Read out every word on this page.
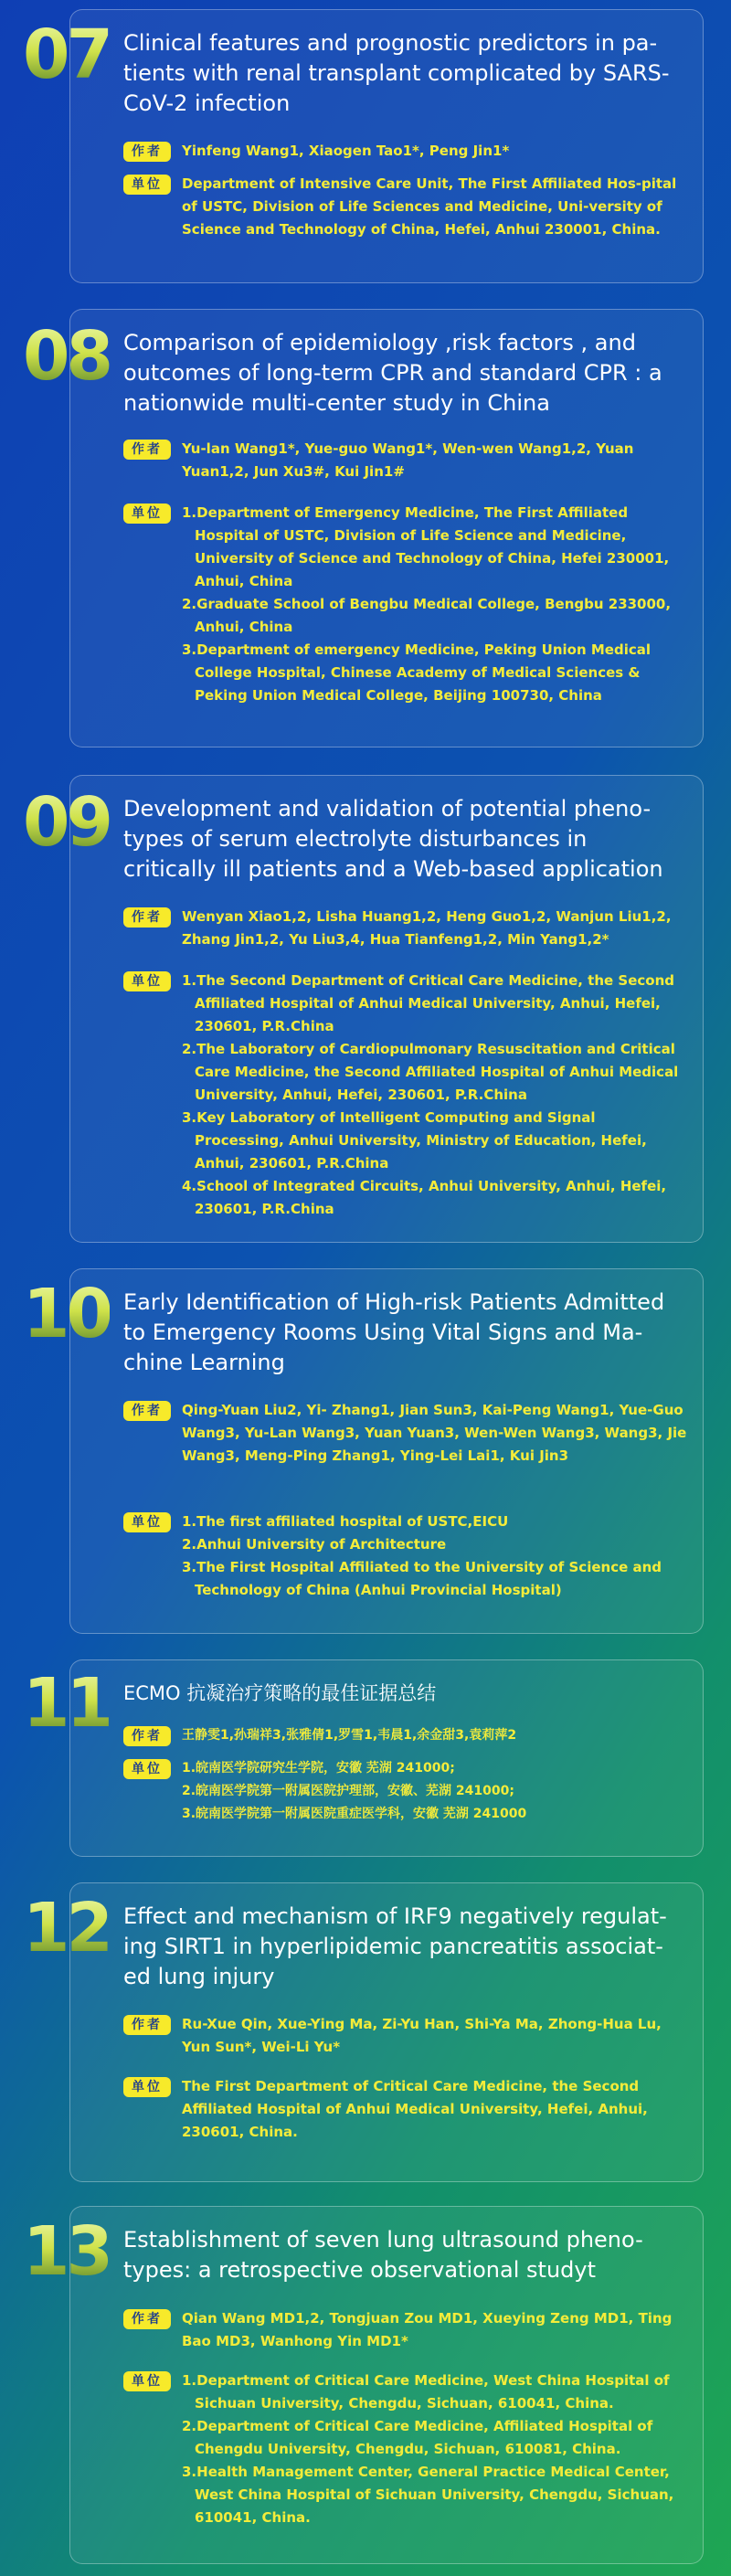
07 Clinical features and prognostic predictors in pa-tients with renal transplant complicated by SARS-CoV-2 infection
作者	Yinfeng Wang1, Xiaogen Tao1*, Peng Jin1*
单位	Department of Intensive Care Unit, The First Affiliated Hos-pital of USTC, Division of Life Sciences and Medicine, Uni-versity of Science and Technology of China, Hefei, Anhui 230001, China.
08 Comparison of epidemiology ,risk factors , and outcomes of long-term CPR and standard CPR : a nationwide multi-center study in China
作者	Yu-lan Wang1*, Yue-guo Wang1*, Wen-wen Wang1,2, Yuan Yuan1,2, Jun Xu3#, Kui Jin1#
单位	1.Department of Emergency Medicine, The First Affiliated Hospital of USTC, Division of Life Science and Medicine, University of Science and Technology of China, Hefei 230001, Anhui, China
2.Graduate School of Bengbu Medical College, Bengbu 233000, Anhui, China
3.Department of emergency Medicine, Peking Union Medical College Hospital, Chinese Academy of Medical Sciences & Peking Union Medical College, Beijing 100730, China
09 Development and validation of potential pheno-types of serum electrolyte disturbances in critically ill patients and a Web-based application
作者	Wenyan Xiao1,2, Lisha Huang1,2, Heng Guo1,2, Wanjun Liu1,2, Zhang Jin1,2, Yu Liu3,4, Hua Tianfeng1,2, Min Yang1,2*
单位	1.The Second Department of Critical Care Medicine, the Second Affiliated Hospital of Anhui Medical University, Anhui, Hefei, 230601, P.R.China
2.The Laboratory of Cardiopulmonary Resuscitation and Critical Care Medicine, the Second Affiliated Hospital of Anhui Medical University, Anhui, Hefei, 230601, P.R.China
3.Key Laboratory of Intelligent Computing and Signal Processing, Anhui University, Ministry of Education, Hefei, Anhui, 230601, P.R.China
4.School of Integrated Circuits, Anhui University, Anhui, Hefei, 230601, P.R.China
10 Early Identification of High-risk Patients Admitted to Emergency Rooms Using Vital Signs and Ma-chine Learning
作者	Qing-Yuan Liu2, Yi- Zhang1, Jian Sun3, Kai-Peng Wang1, Yue-Guo Wang3, Yu-Lan Wang3, Yuan Yuan3, Wen-Wen Wang3, Wang3, Jie Wang3, Meng-Ping Zhang1, Ying-Lei Lai1, Kui Jin3
单位	1.The first affiliated hospital of USTC,EICU
2.Anhui University of Architecture
3.The First Hospital Affiliated to the University of Science and Technology of China (Anhui Provincial Hospital)
11 ECMO 抗凝治疗策略的最佳证据总结
作者	王静雯1,孙瑞祥3,张雅倩1,罗雪1,韦晨1,余金甜3,袁莉萍2
单位	1.皖南医学院研究生学院，安徽 芜湖 241000;
2.皖南医学院第一附属医院护理部，安徽、芜湖 241000;
3.皖南医学院第一附属医院重症医学科，安徽 芜湖 241000
12 Effect and mechanism of IRF9 negatively regulat-ing SIRT1 in hyperlipidemic pancreatitis associat-ed lung injury
作者	Ru-Xue Qin, Xue-Ying Ma, Zi-Yu Han, Shi-Ya Ma, Zhong-Hua Lu, Yun Sun*, Wei-Li Yu*
单位	The First Department of Critical Care Medicine, the Second Affiliated Hospital of Anhui Medical University, Hefei, Anhui, 230601, China.
13 Establishment of seven lung ultrasound pheno-types: a retrospective observational studyt
作者	Qian Wang MD1,2, Tongjuan Zou MD1, Xueying Zeng MD1, Ting Bao MD3, Wanhong Yin MD1*
单位	1.Department of Critical Care Medicine, West China Hospital of Sichuan University, Chengdu, Sichuan, 610041, China.
2.Department of Critical Care Medicine, Affiliated Hospital of Chengdu University, Chengdu, Sichuan, 610081, China.
3.Health Management Center, General Practice Medical Center, West China Hospital of Sichuan University, Chengdu, Sichuan, 610041, China.
